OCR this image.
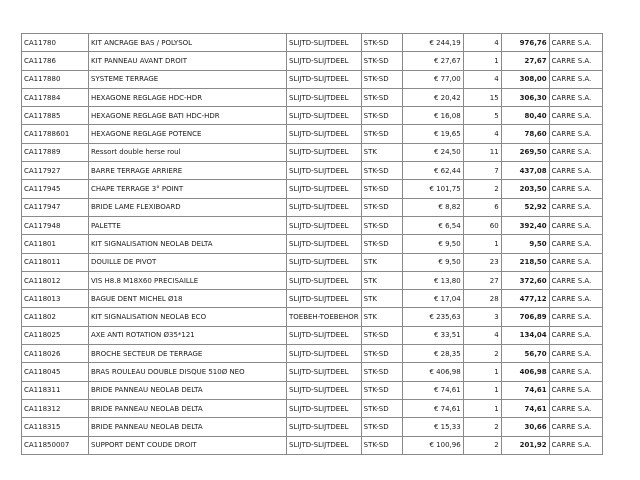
CA11780	KIT ANCRAGE BAS / POLYSOL	SLIJTD-SLIJTDEEL	STK-SD	€ 244,19	4	976,76	CARRE S.A.
CA11786	KIT PANNEAU AVANT DROIT	SLIJTD-SLIJTDEEL	STK-SD	€ 27,67	1	27,67	CARRE S.A.
CA117880	SYSTEME TERRAGE	SLIJTD-SLIJTDEEL	STK-SD	€ 77,00	4	308,00	CARRE S.A.
CA117884	HEXAGONE REGLAGE HDC-HDR	SLIJTD-SLIJTDEEL	STK-SD	€ 20,42	15	306,30	CARRE S.A.
CA117885	HEXAGONE REGLAGE BATI HDC-HDR	SLIJTD-SLIJTDEEL	STK-SD	€ 16,08	5	80,40	CARRE S.A.
CA11788601	HEXAGONE REGLAGE POTENCE	SLIJTD-SLIJTDEEL	STK-SD	€ 19,65	4	78,60	CARRE S.A.
CA117889	Ressort double herse roul	SLIJTD-SLIJTDEEL	STK	€ 24,50	11	269,50	CARRE S.A.
CA117927	BARRE TERRAGE ARRIERE	SLIJTD-SLIJTDEEL	STK-SD	€ 62,44	7	437,08	CARRE S.A.
CA117945	CHAPE TERRAGE 3° POINT	SLIJTD-SLIJTDEEL	STK-SD	€ 101,75	2	203,50	CARRE S.A.
CA117947	BRIDE LAME FLEXIBOARD	SLIJTD-SLIJTDEEL	STK-SD	€ 8,82	6	52,92	CARRE S.A.
CA117948	PALETTE	SLIJTD-SLIJTDEEL	STK-SD	€ 6,54	60	392,40	CARRE S.A.
CA11801	KIT SIGNALISATION NEOLAB DELTA	SLIJTD-SLIJTDEEL	STK-SD	€ 9,50	1	9,50	CARRE S.A.
CA118011	DOUILLE DE PIVOT	SLIJTD-SLIJTDEEL	STK	€ 9,50	23	218,50	CARRE S.A.
CA118012	VIS H8.8 M18X60 PRECISAILLE	SLIJTD-SLIJTDEEL	STK	€ 13,80	27	372,60	CARRE S.A.
CA118013	BAGUE DENT MICHEL Ø18	SLIJTD-SLIJTDEEL	STK	€ 17,04	28	477,12	CARRE S.A.
CA11802	KIT SIGNALISATION NEOLAB ECO	TOEBEH-TOEBEHOR	STK	€ 235,63	3	706,89	CARRE S.A.
CA118025	AXE ANTI ROTATION Ø35*121	SLIJTD-SLIJTDEEL	STK-SD	€ 33,51	4	134,04	CARRE S.A.
CA118026	BROCHE SECTEUR DE TERRAGE	SLIJTD-SLIJTDEEL	STK-SD	€ 28,35	2	56,70	CARRE S.A.
CA118045	BRAS ROULEAU DOUBLE DISQUE 510Ø NEO	SLIJTD-SLIJTDEEL	STK-SD	€ 406,98	1	406,98	CARRE S.A.
CA118311	BRIDE PANNEAU NEOLAB DELTA	SLIJTD-SLIJTDEEL	STK-SD	€ 74,61	1	74,61	CARRE S.A.
CA118312	BRIDE PANNEAU NEOLAB DELTA	SLIJTD-SLIJTDEEL	STK-SD	€ 74,61	1	74,61	CARRE S.A.
CA118315	BRIDE PANNEAU NEOLAB DELTA	SLIJTD-SLIJTDEEL	STK-SD	€ 15,33	2	30,66	CARRE S.A.
CA11850007	SUPPORT DENT COUDE DROIT	SLIJTD-SLIJTDEEL	STK-SD	€ 100,96	2	201,92	CARRE S.A.
